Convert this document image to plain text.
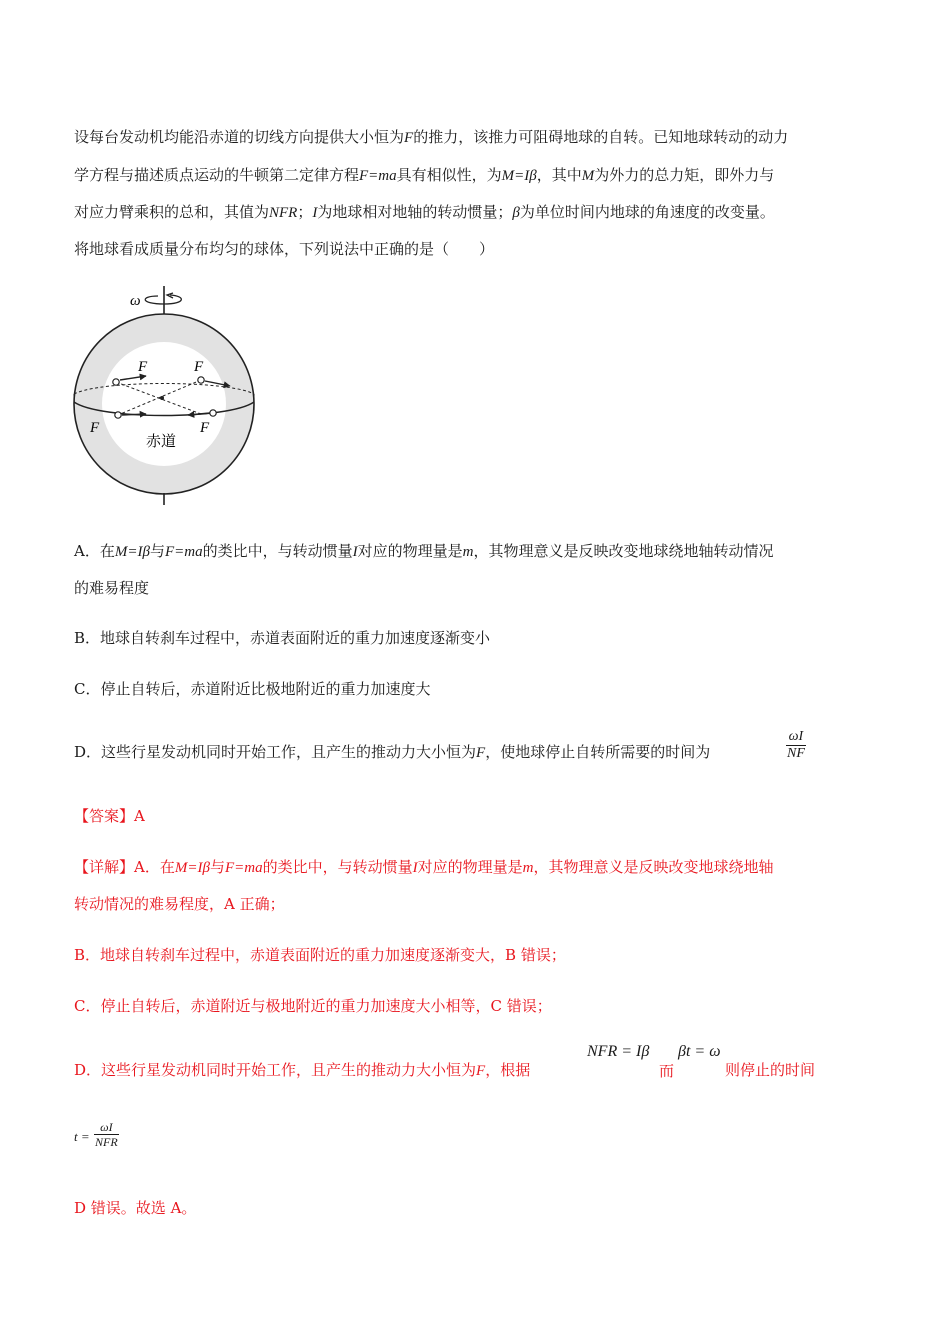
设每台发动机均能沿赤道的切线方向提供大小恒为F的推力，该推力可阻碍地球的自转。已知地球转动的动力
学方程与描述质点运动的牛顿第二定律方程F=ma具有相似性，为M=Iβ，其中M为外力的总力矩，即外力与
对应力臂乘积的总和，其值为NFR；I为地球相对地轴的转动惯量；β为单位时间内地球的角速度的改变量。
将地球看成质量分布均匀的球体，下列说法中正确的是（　　）
ω
F	F
F	F
赤道
A．在M=Iβ与F=ma的类比中，与转动惯量I对应的物理量是m，其物理意义是反映改变地球绕地轴转动情况
的难易程度
B．地球自转刹车过程中，赤道表面附近的重力加速度逐渐变小
C．停止自转后，赤道附近比极地附近的重力加速度大
D．这些行星发动机同时开始工作，且产生的推动力大小恒为F，使地球停止自转所需要的时间为	$\frac{\omega I}{NF}$
【答案】A
【详解】A．在M=Iβ与F=ma的类比中，与转动惯量I对应的物理量是m，其物理意义是反映改变地球绕地轴
转动情况的难易程度，A 正确；
B．地球自转刹车过程中，赤道表面附近的重力加速度逐渐变大，B 错误；
C．停止自转后，赤道附近与极地附近的重力加速度大小相等，C 错误；
D．这些行星发动机同时开始工作，且产生的推动力大小恒为F，根据
NFR = Iβ
而
βt = ω
则停止的时间
t =
ωI
NFR
D 错误。故选 A。
